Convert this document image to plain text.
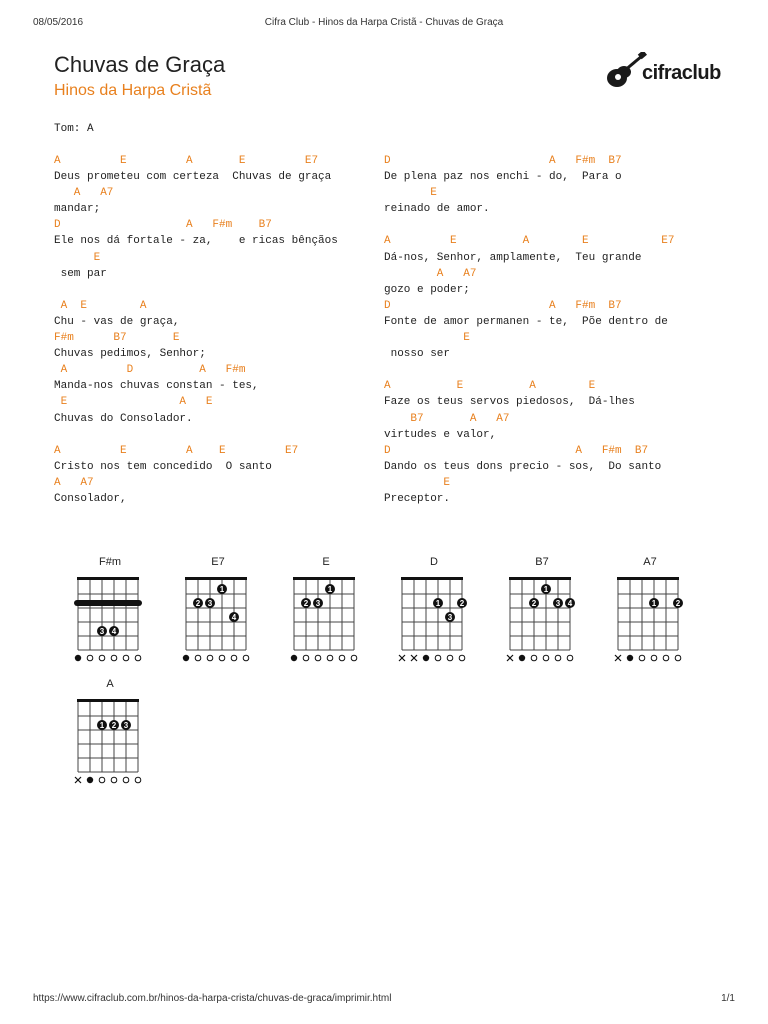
08/05/2016	Cifra Club - Hinos da Harpa Cristã - Chuvas de Graça
Chuvas de Graça
Hinos da Harpa Cristã
cifraclub
Tom: A
A         E         A       E         E7
Deus prometeu com certeza  Chuvas de graça
A   A7
mandar;
D                   A   F#m    B7
Ele nos dá fortale - za,    e ricas bênçãos
E
sem par
A  E        A
Chu - vas de graça,
F#m      B7       E
Chuvas pedimos, Senhor;
A         D          A   F#m
Manda-nos chuvas constan - tes,
E                 A   E
Chuvas do Consolador.
A         E         A    E         E7
Cristo nos tem concedido  O santo
A   A7
Consolador,
D                        A   F#m  B7
De plena paz nos enchi - do,  Para o
E
reinado de amor.
A         E          A        E           E7
Dá-nos, Senhor, amplamente,  Teu grande
A   A7
gozo e poder;
D                        A   F#m  B7
Fonte de amor permanen - te,  Põe dentro de
E
nosso ser
A          E          A        E
Faze os teus servos piedosos,  Dá-lhes
B7       A   A7
virtudes e valor,
D                            A   F#m  B7
Dando os teus dons precio - sos,  Do santo
E
Preceptor.
F#m
3 4
E7
2 3
1
4
E
2 3
1
D
1 2
3
B7
2
1
3 4
A7
1 2
A
1 2 3
https://www.cifraclub.com.br/hinos-da-harpa-crista/chuvas-de-graca/imprimir.html	1/1
